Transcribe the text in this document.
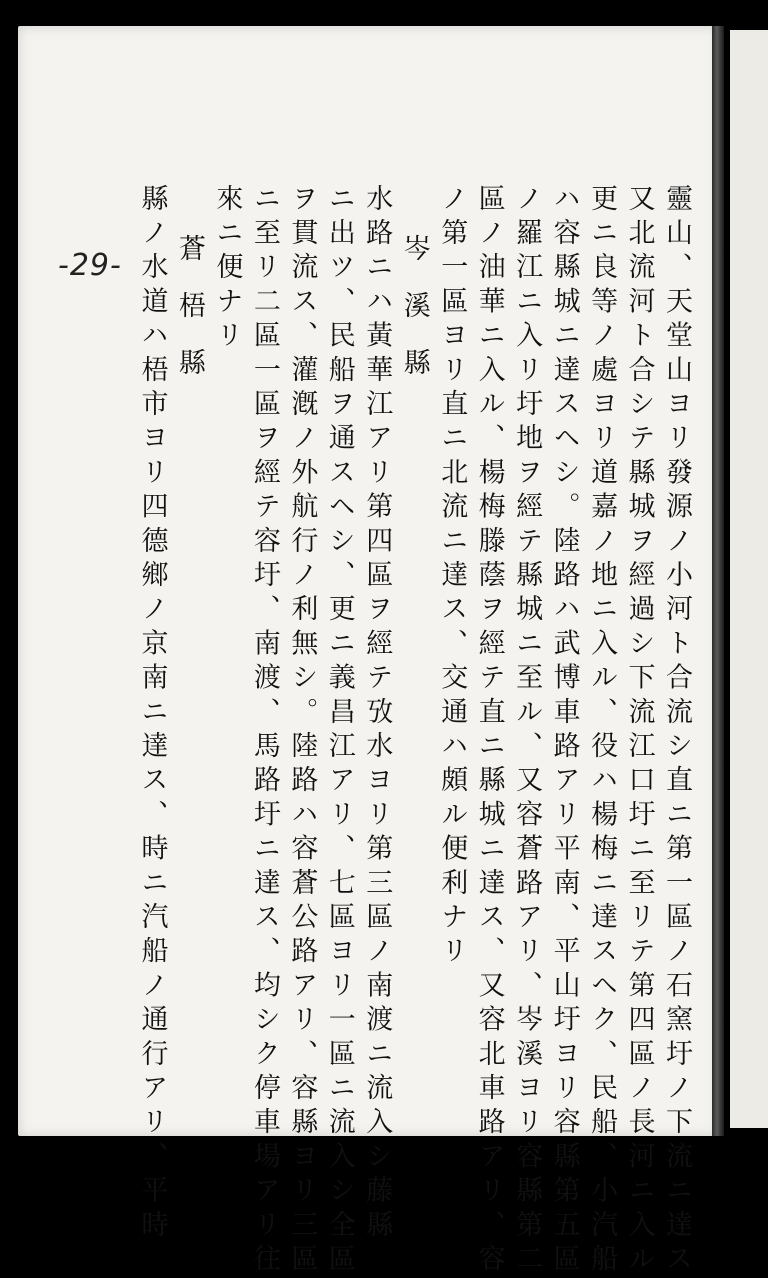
-29-	靈山、天堂山ヨリ發源ノ小河ト合流シ直ニ第一區ノ石窯圩ノ下流ニ達ス
又北流河ト合シテ縣城ヲ經過シ下流江口圩ニ至リテ第四區ノ長河ニ入ル
更ニ良等ノ處ヨリ道嘉ノ地ニ入ル、役ハ楊梅ニ達スヘク、民船、小汽船
ハ容縣城ニ達スヘシ。陸路ハ武博車路アリ平南、平山圩ヨリ容縣第五區
ノ羅江ニ入リ圩地ヲ經テ縣城ニ至ル、又容蒼路アリ、岑溪ヨリ容縣第二
區ノ油華ニ入ル、楊梅滕蔭ヲ經テ直ニ縣城ニ達ス、又容北車路アリ、容
ノ第一區ヨリ直ニ北流ニ達ス、交通ハ頗ル便利ナリ
岑溪縣
水路ニハ黃華江アリ第四區ヲ經テ攷水ヨリ第三區ノ南渡ニ流入シ藤縣
ニ出ツ、民船ヲ通スヘシ、更ニ義昌江アリ、七區ヨリ一區ニ流入シ全區
ヲ貫流ス、灌漑ノ外航行ノ利無シ。陸路ハ容蒼公路アリ、容縣ヨリ三區
ニ至リ二區一區ヲ經テ容圩、南渡、馬路圩ニ達ス、均シク停車場アリ往
來ニ便ナリ
蒼梧縣
縣ノ水道ハ梧市ヨリ四德鄉ノ京南ニ達ス、時ニ汽船ノ通行アリ、平時
